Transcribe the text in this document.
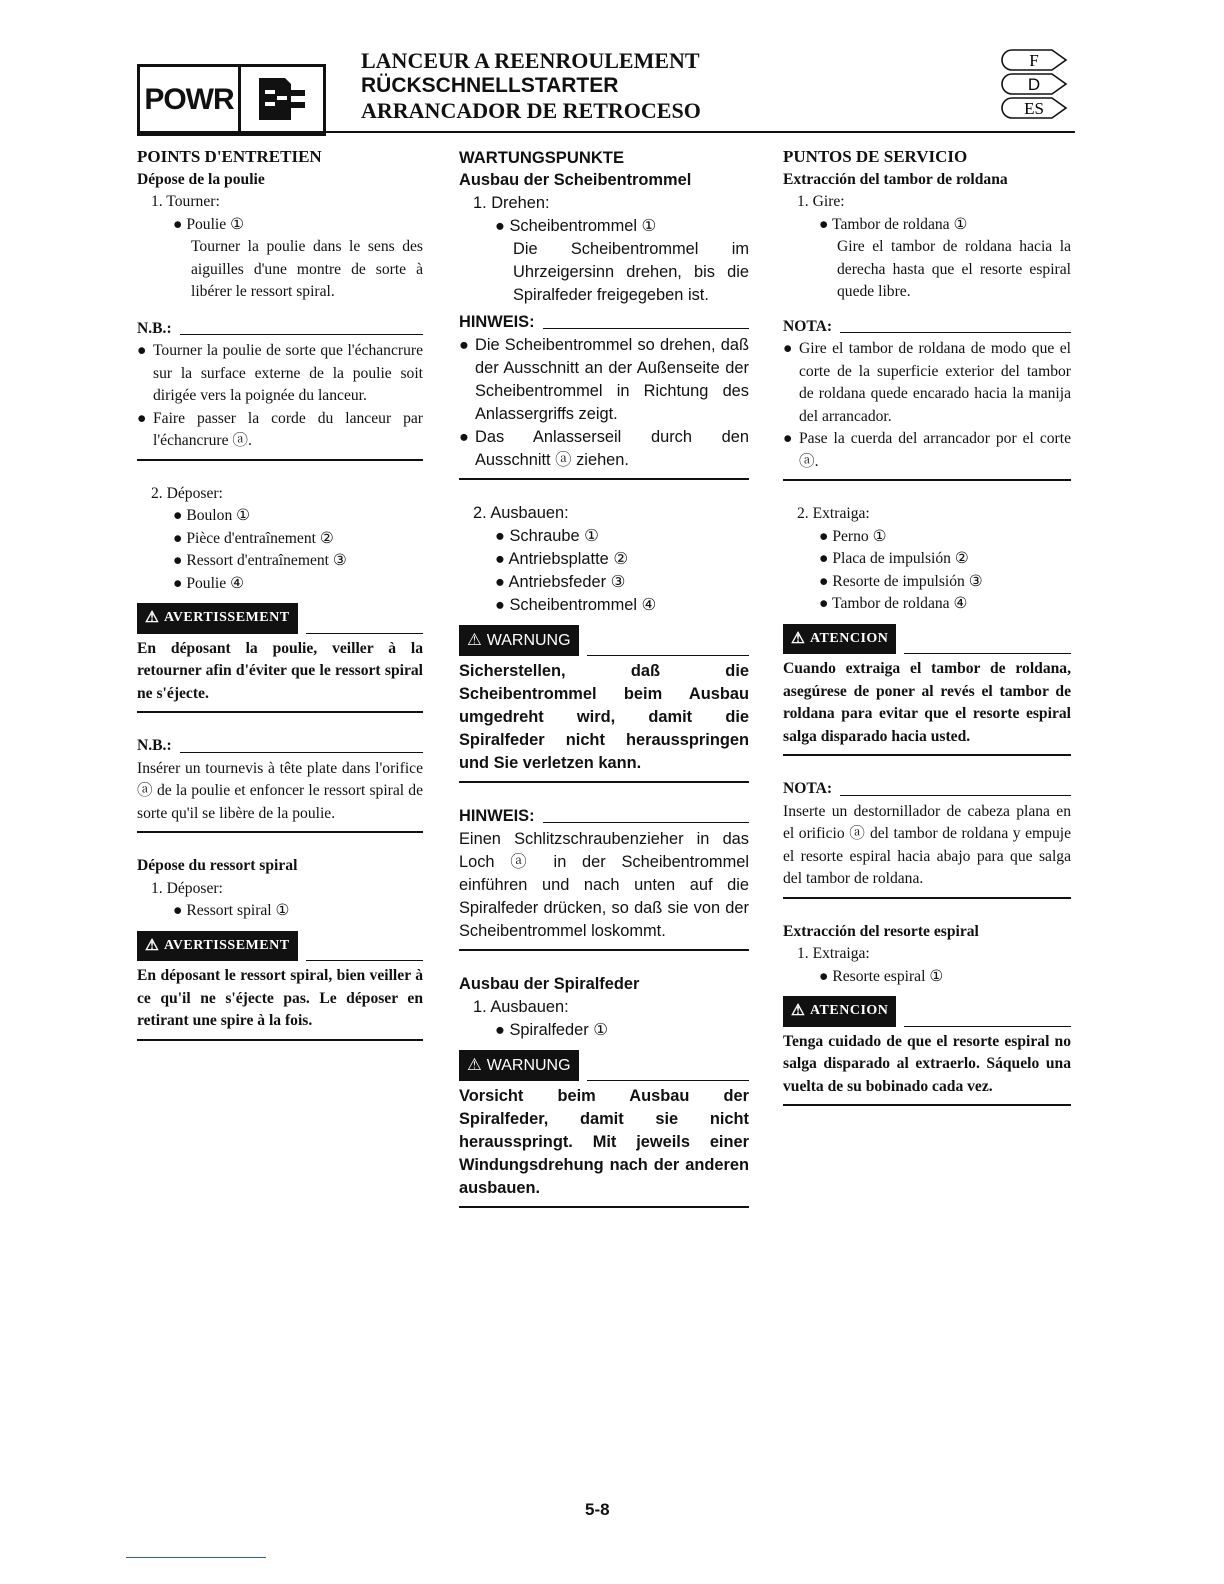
POWR
LANCEUR A REENROULEMENT
RÜCKSCHNELLSTARTER
ARRANCADOR DE RETROCESO
F
D
ES

POINTS D'ENTRETIEN

Dépose de la poulie

1. Tourner:

● Poulie ①

Tourner la poulie dans le sens des aiguilles d'une montre de sorte à libérer le ressort spiral.

N.B.:
● Tourner la poulie de sorte que l'échancrure sur la surface externe de la poulie soit dirigée vers la poignée du lanceur.
● Faire passer la corde du lanceur par l'échancrure ⓐ.

2. Déposer:

● Boulon ①

● Pièce d'entraînement ②

● Ressort d'entraînement ③

● Poulie ④

⚠ AVERTISSEMENT

En déposant la poulie, veiller à la retourner afin d'éviter que le ressort spiral ne s'éjecte.

N.B.:

Insérer un tournevis à tête plate dans l'orifice ⓐ de la poulie et enfoncer le ressort spiral de sorte qu'il se libère de la poulie.

Dépose du ressort spiral

1. Déposer:

● Ressort spiral ①

⚠ AVERTISSEMENT

En déposant le ressort spiral, bien veiller à ce qu'il ne s'éjecte pas. Le déposer en retirant une spire à la fois.

WARTUNGSPUNKTE

Ausbau der Scheibentrommel

1. Drehen:

● Scheibentrommel ①

Die Scheibentrommel im Uhrzeigersinn drehen, bis die Spiralfeder freigegeben ist.

HINWEIS:
● Die Scheibentrommel so drehen, daß der Ausschnitt an der Außenseite der Scheibentrommel in Richtung des Anlassergriffs zeigt.
● Das Anlasserseil durch den Ausschnitt ⓐ ziehen.

2. Ausbauen:

● Schraube ①

● Antriebsplatte ②

● Antriebsfeder ③

● Scheibentrommel ④

⚠ WARNUNG

Sicherstellen, daß die Scheibentrommel beim Ausbau umgedreht wird, damit die Spiralfeder nicht herausspringen und Sie verletzen kann.

HINWEIS:

Einen Schlitzschraubenzieher in das Loch ⓐ in der Scheibentrommel einführen und nach unten auf die Spiralfeder drücken, so daß sie von der Scheibentrommel loskommt.

Ausbau der Spiralfeder

1. Ausbauen:

● Spiralfeder ①

⚠ WARNUNG

Vorsicht beim Ausbau der Spiralfeder, damit sie nicht herausspringt. Mit jeweils einer Windungsdrehung nach der anderen ausbauen.

PUNTOS DE SERVICIO

Extracción del tambor de roldana

1. Gire:

● Tambor de roldana ①

Gire el tambor de roldana hacia la derecha hasta que el resorte espiral quede libre.

NOTA:
● Gire el tambor de roldana de modo que el corte de la superficie exterior del tambor de roldana quede encarado hacia la manija del arrancador.
● Pase la cuerda del arrancador por el corte ⓐ.

2. Extraiga:

● Perno ①

● Placa de impulsión ②

● Resorte de impulsión ③

● Tambor de roldana ④

⚠ ATENCION

Cuando extraiga el tambor de roldana, asegúrese de poner al revés el tambor de roldana para evitar que el resorte espiral salga disparado hacia usted.

NOTA:

Inserte un destornillador de cabeza plana en el orificio ⓐ del tambor de roldana y empuje el resorte espiral hacia abajo para que salga del tambor de roldana.

Extracción del resorte espiral

1. Extraiga:

● Resorte espiral ①

⚠ ATENCION

Tenga cuidado de que el resorte espiral no salga disparado al extraerlo. Sáquelo una vuelta de su bobinado cada vez.

5-8
